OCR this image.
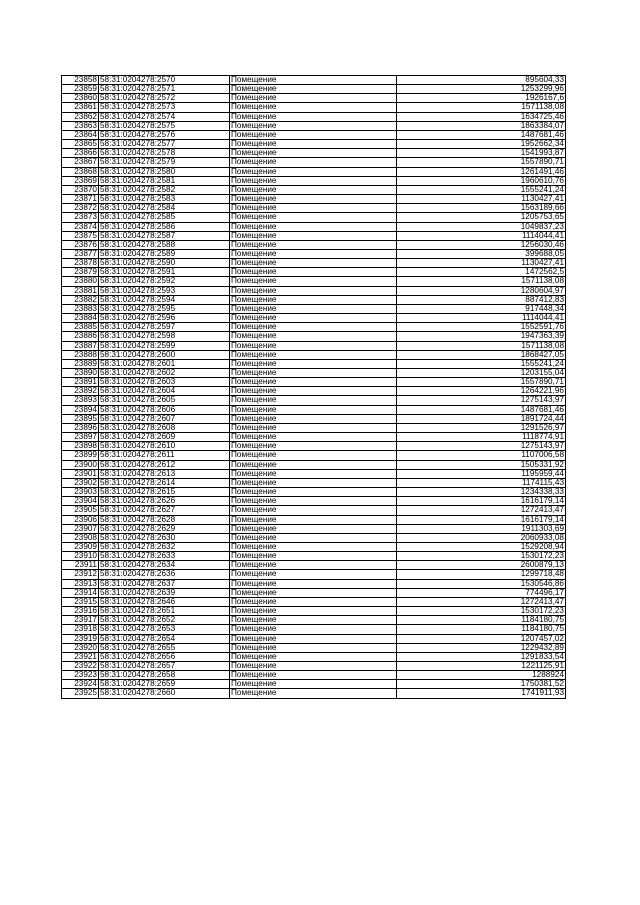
23858	58:31:0204278:2570	Помещение	895604,33
23859	58:31:0204278:2571	Помещение	1253299,96
23860	58:31:0204278:2572	Помещение	1926167,6
23861	58:31:0204278:2573	Помещение	1571138,08
23862	58:31:0204278:2574	Помещение	1634725,46
23863	58:31:0204278:2575	Помещение	1863384,07
23864	58:31:0204278:2576	Помещение	1487681,46
23865	58:31:0204278:2577	Помещение	1952662,34
23866	58:31:0204278:2578	Помещение	1541993,87
23867	58:31:0204278:2579	Помещение	1557890,71
23868	58:31:0204278:2580	Помещение	1261491,46
23869	58:31:0204278:2581	Помещение	1960610,76
23870	58:31:0204278:2582	Помещение	1555241,24
23871	58:31:0204278:2583	Помещение	1130427,41
23872	58:31:0204278:2584	Помещение	1563189,66
23873	58:31:0204278:2585	Помещение	1205753,65
23874	58:31:0204278:2586	Помещение	1049837,23
23875	58:31:0204278:2587	Помещение	1114044,41
23876	58:31:0204278:2588	Помещение	1256030,46
23877	58:31:0204278:2589	Помещение	399688,05
23878	58:31:0204278:2590	Помещение	1130427,41
23879	58:31:0204278:2591	Помещение	1472562,5
23880	58:31:0204278:2592	Помещение	1571138,08
23881	58:31:0204278:2593	Помещение	1280604,97
23882	58:31:0204278:2594	Помещение	887412,83
23883	58:31:0204278:2595	Помещение	917448,34
23884	58:31:0204278:2596	Помещение	1114044,41
23885	58:31:0204278:2597	Помещение	1552591,76
23886	58:31:0204278:2598	Помещение	1947363,39
23887	58:31:0204278:2599	Помещение	1571138,08
23888	58:31:0204278:2600	Помещение	1868427,05
23889	58:31:0204278:2601	Помещение	1555241,24
23890	58:31:0204278:2602	Помещение	1203155,04
23891	58:31:0204278:2603	Помещение	1557890,71
23892	58:31:0204278:2604	Помещение	1264221,96
23893	58:31:0204278:2605	Помещение	1275143,97
23894	58:31:0204278:2606	Помещение	1487681,46
23895	58:31:0204278:2607	Помещение	1891724,44
23896	58:31:0204278:2608	Помещение	1291526,97
23897	58:31:0204278:2609	Помещение	1118774,91
23898	58:31:0204278:2610	Помещение	1275143,97
23899	58:31:0204278:2611	Помещение	1107006,58
23900	58:31:0204278:2612	Помещение	1505331,92
23901	58:31:0204278:2613	Помещение	1195959,44
23902	58:31:0204278:2614	Помещение	1174115,43
23903	58:31:0204278:2615	Помещение	1234338,33
23904	58:31:0204278:2626	Помещение	1616179,14
23905	58:31:0204278:2627	Помещение	1272413,47
23906	58:31:0204278:2628	Помещение	1616179,14
23907	58:31:0204278:2629	Помещение	1911303,69
23908	58:31:0204278:2630	Помещение	2060933,08
23909	58:31:0204278:2632	Помещение	1529208,94
23910	58:31:0204278:2633	Помещение	1530172,23
23911	58:31:0204278:2634	Помещение	2600879,13
23912	58:31:0204278:2636	Помещение	1299718,48
23913	58:31:0204278:2637	Помещение	1530546,86
23914	58:31:0204278:2639	Помещение	774496,17
23915	58:31:0204278:2646	Помещение	1272413,47
23916	58:31:0204278:2651	Помещение	1530172,23
23917	58:31:0204278:2652	Помещение	1184180,75
23918	58:31:0204278:2653	Помещение	1184180,75
23919	58:31:0204278:2654	Помещение	1207457,02
23920	58:31:0204278:2655	Помещение	1229432,89
23921	58:31:0204278:2656	Помещение	1291833,54
23922	58:31:0204278:2657	Помещение	1221125,91
23923	58:31:0204278:2658	Помещение	1288924
23924	58:31:0204278:2659	Помещение	1750381,52
23925	58:31:0204278:2660	Помещение	1741911,93
